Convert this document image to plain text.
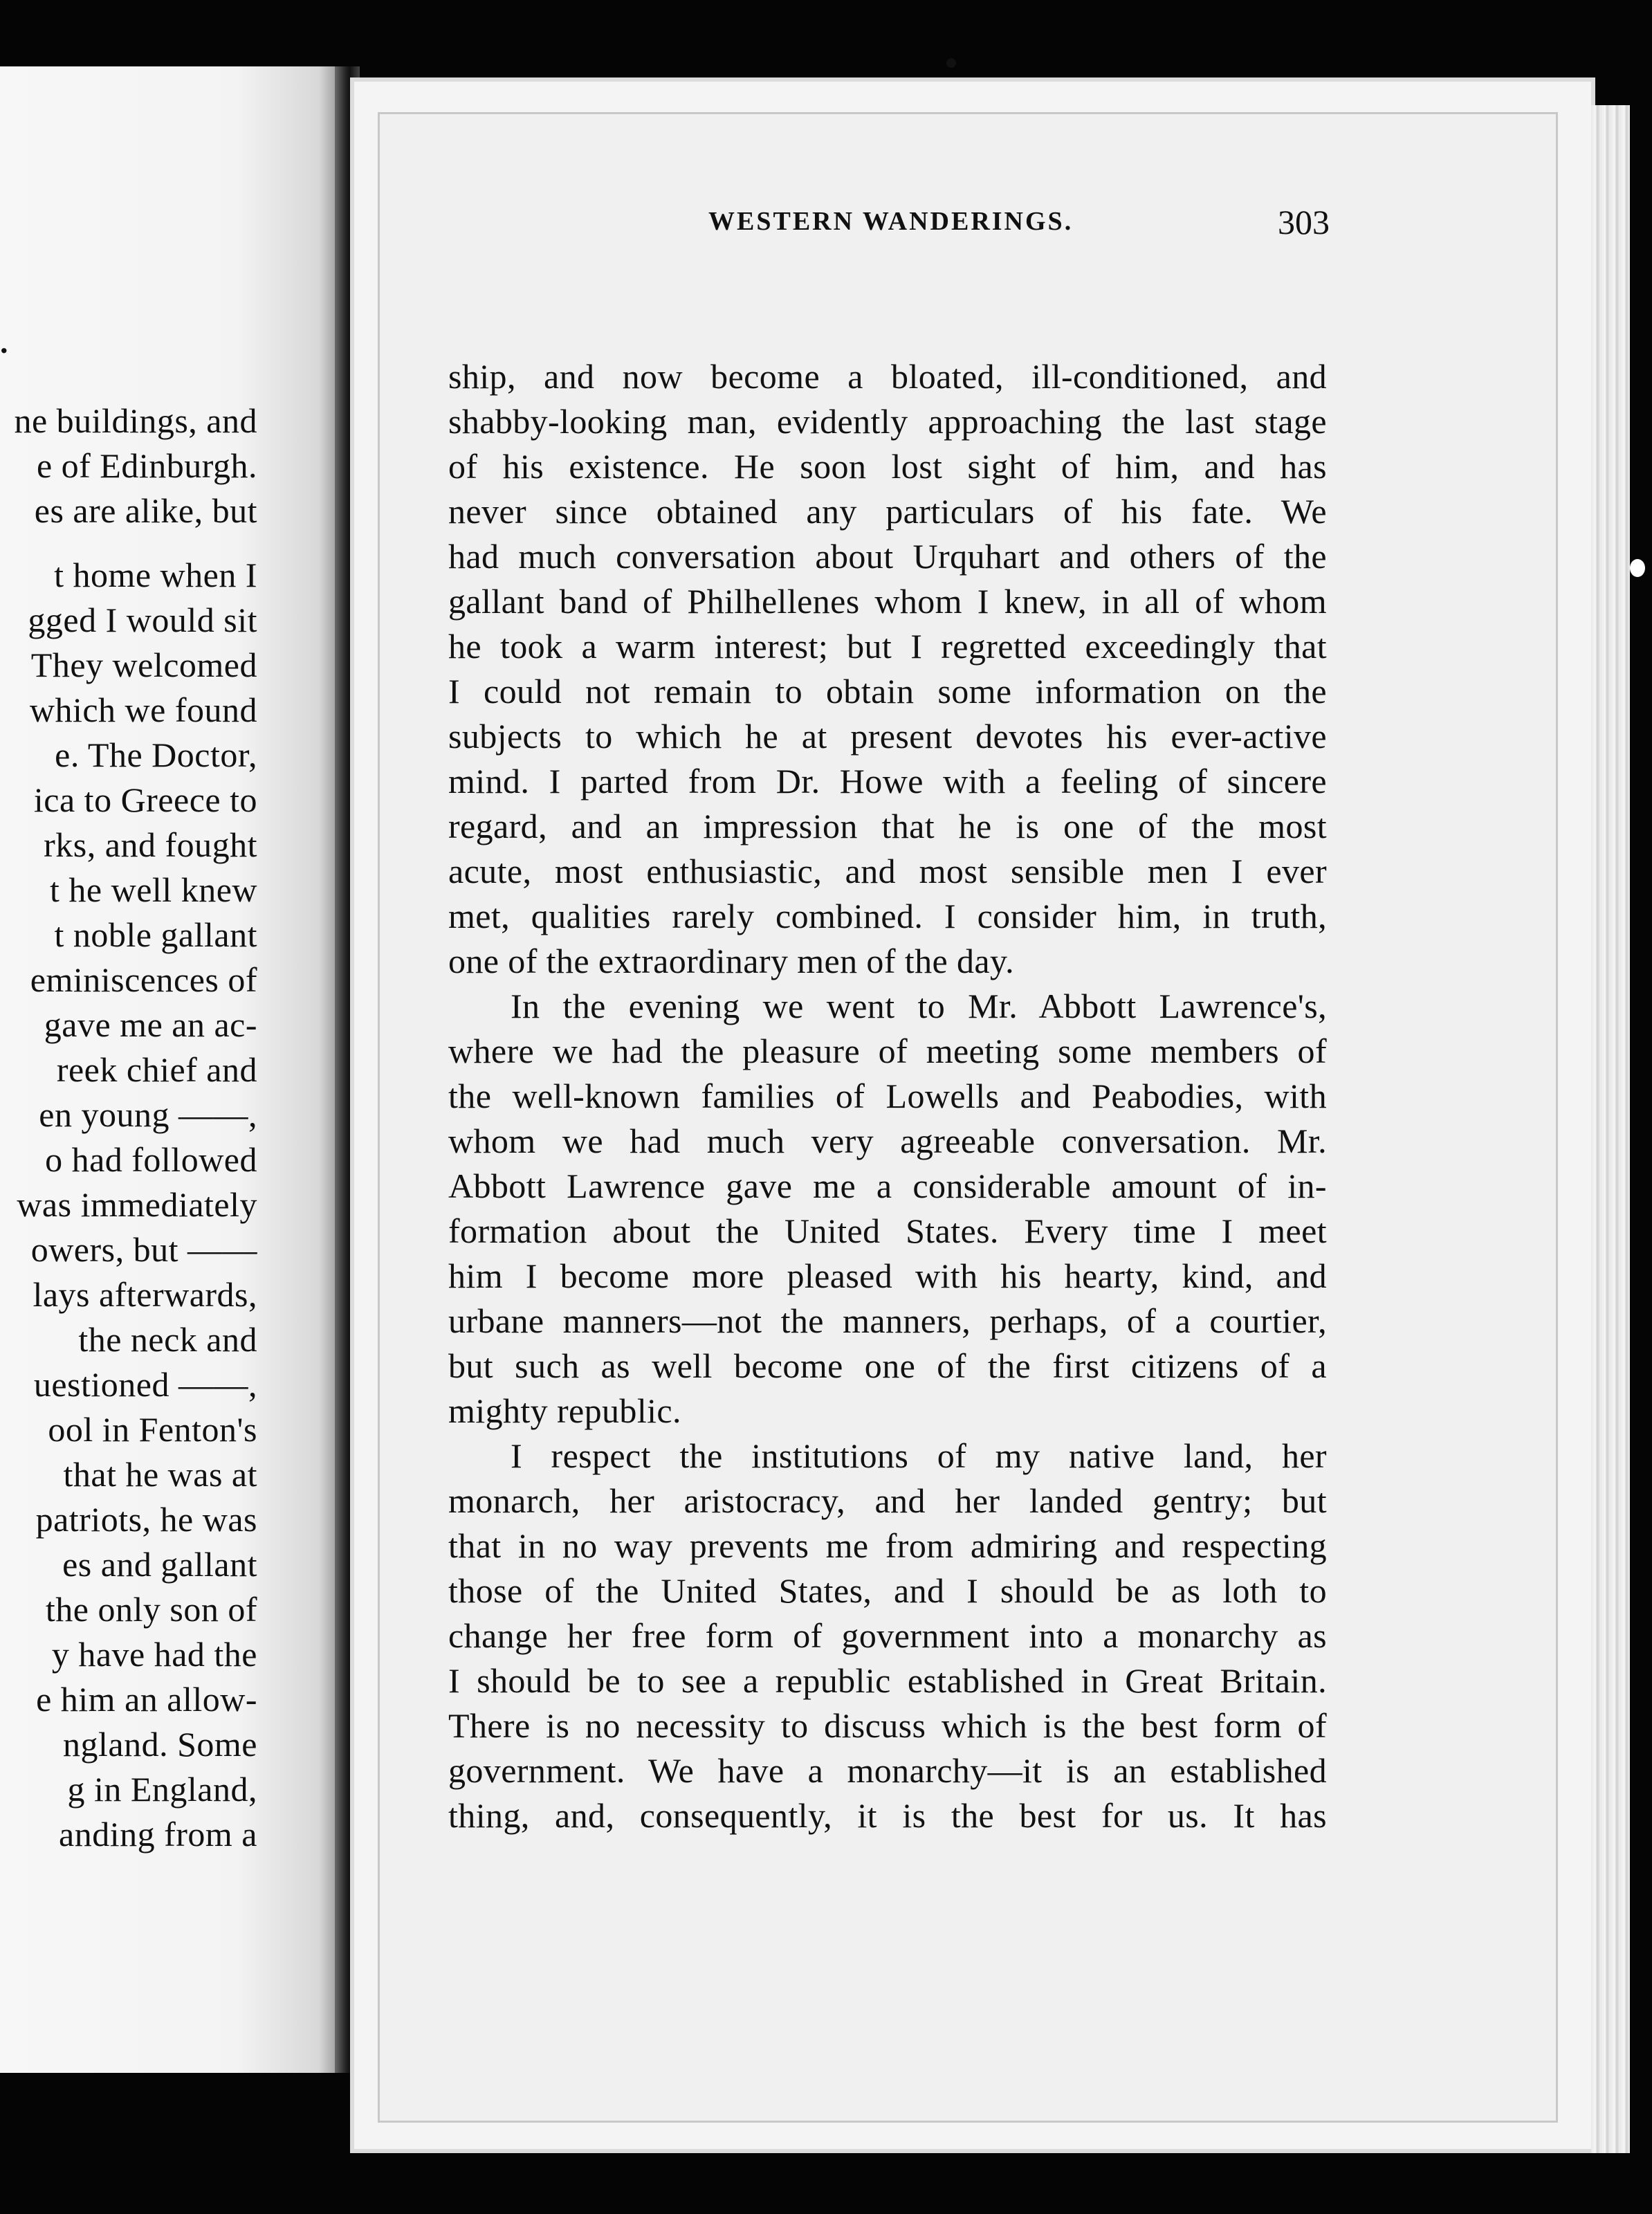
.
ne buildings, and
e of Edinburgh.
es are alike, but
t home when I
gged I would sit
They welcomed
which we found
e. The Doctor,
ica to Greece to
rks, and fought
t he well knew
t noble gallant
eminiscences of
gave me an ac-
reek chief and
en young ——,
o had followed
was immediately
owers, but ——
lays afterwards,
the neck and
uestioned ——,
ool in Fenton's
that he was at
patriots, he was
es and gallant
the only son of
y have had the
e him an allow-
ngland. Some
g in England,
anding from a
WESTERN WANDERINGS.	303
ship, and now become a bloated, ill-conditioned, and
shabby-looking man, evidently approaching the last stage
of his existence. He soon lost sight of him, and has
never since obtained any particulars of his fate. We
had much conversation about Urquhart and others of the
gallant band of Philhellenes whom I knew, in all of whom
he took a warm interest; but I regretted exceedingly that
I could not remain to obtain some information on the
subjects to which he at present devotes his ever-active
mind. I parted from Dr. Howe with a feeling of sincere
regard, and an impression that he is one of the most
acute, most enthusiastic, and most sensible men I ever
met, qualities rarely combined. I consider him, in truth,
one of the extraordinary men of the day.
In the evening we went to Mr. Abbott Lawrence's,
where we had the pleasure of meeting some members of
the well-known families of Lowells and Peabodies, with
whom we had much very agreeable conversation. Mr.
Abbott Lawrence gave me a considerable amount of in-
formation about the United States. Every time I meet
him I become more pleased with his hearty, kind, and
urbane manners—not the manners, perhaps, of a courtier,
but such as well become one of the first citizens of a
mighty republic.
I respect the institutions of my native land, her
monarch, her aristocracy, and her landed gentry; but
that in no way prevents me from admiring and respecting
those of the United States, and I should be as loth to
change her free form of government into a monarchy as
I should be to see a republic established in Great Britain.
There is no necessity to discuss which is the best form of
government. We have a monarchy—it is an established
thing, and, consequently, it is the best for us. It has
